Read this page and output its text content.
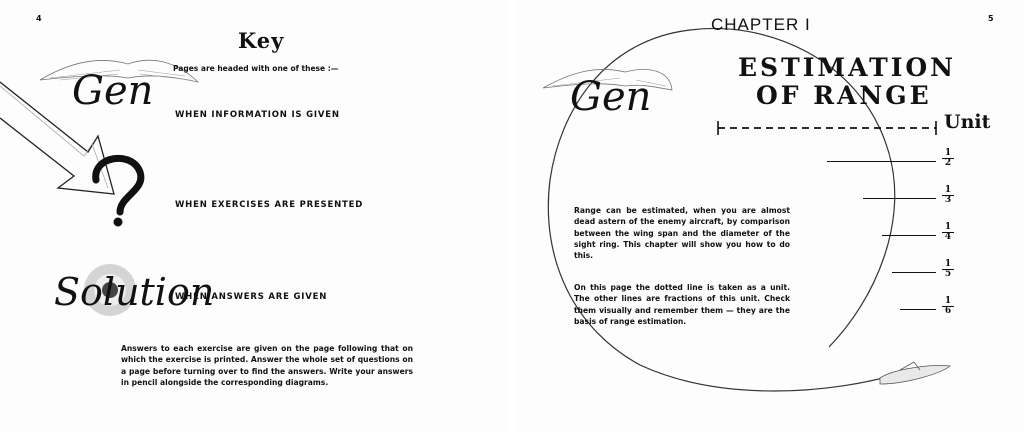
4	5
Gen
Solution
Gen
Key
Pages are headed with one of these :—
WHEN INFORMATION IS GIVEN
WHEN EXERCISES ARE PRESENTED
WHEN ANSWERS ARE GIVEN
Answers to each exercise are given on the page following that on which the exercise is printed. Answer the whole set of questions on a page before turning over to find the answers. Write your answers in pencil alongside the corresponding diagrams.
CHAPTER I
ESTIMATION
OF RANGE
Unit
$\frac{1}{2}$
$\frac{1}{3}$
$\frac{1}{4}$
$\frac{1}{5}$
$\frac{1}{6}$
Range can be estimated, when you are almost dead astern of the enemy aircraft, by comparison between the wing span and the diameter of the sight ring. This chapter will show you how to do this.
On this page the dotted line is taken as a unit. The other lines are fractions of this unit. Check them visually and remember them — they are the basis of range estimation.
